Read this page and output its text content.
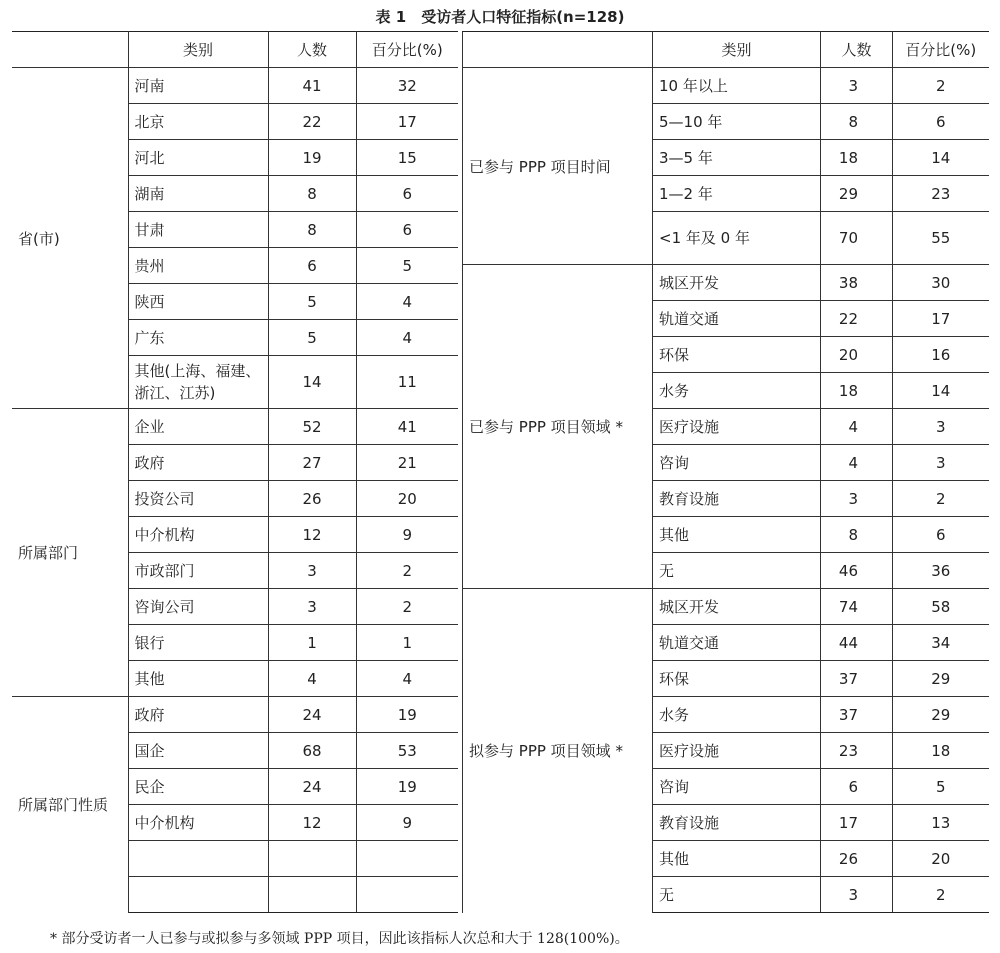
表 1　受访者人口特征指标(n=128)
	类别	人数	百分比(%)
省(市)	河南	41	32
	北京	22	17
	河北	19	15
	湖南	8	6
	甘肃	8	6
	贵州	6	5
	陕西	5	4
	广东	5	4
	其他(上海、福建、浙江、江苏)	14	11
所属部门	企业	52	41
	政府	27	21
	投资公司	26	20
	中介机构	12	9
	市政部门	3	2
	咨询公司	3	2
	银行	1	1
	其他	4	4
所属部门性质	政府	24	19
	国企	68	53
	民企	24	19
	中介机构	12	9

	类别	人数	百分比(%)
已参与 PPP 项目时间	10 年以上	3	2
	5—10 年	8	6
	3—5 年	18	14
	1—2 年	29	23
	<1 年及 0 年	70	55
已参与 PPP 项目领域 *	城区开发	38	30
	轨道交通	22	17
	环保	20	16
	水务	18	14
	医疗设施	4	3
	咨询	4	3
	教育设施	3	2
	其他	8	6
	无	46	36
拟参与 PPP 项目领域 *	城区开发	74	58
	轨道交通	44	34
	环保	37	29
	水务	37	29
	医疗设施	23	18
	咨询	6	5
	教育设施	17	13
	其他	26	20
	无	3	2
* 部分受访者一人已参与或拟参与多领域 PPP 项目，因此该指标人次总和大于 128(100%)。
